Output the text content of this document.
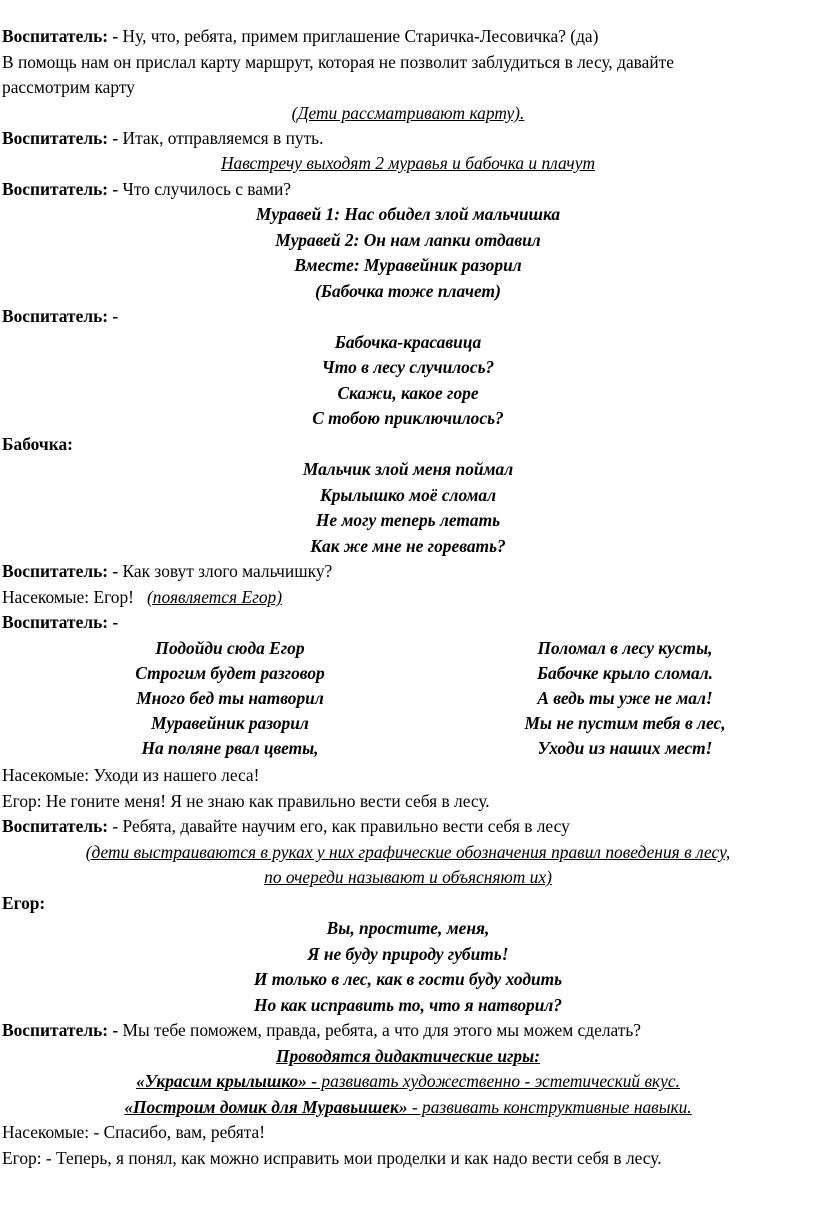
Воспитатель: - Ну, что, ребята, примем приглашение Старичка-Лесовичка? (да)
В помощь нам он прислал карту маршрут, которая не позволит заблудиться в лесу, давайте
рассмотрим карту
(Дети рассматривают карту).
Воспитатель: - Итак, отправляемся в путь.
Навстречу выходят 2 муравья и бабочка и плачут
Воспитатель: - Что случилось с вами?
Муравей 1: Нас обидел злой мальчишка
Муравей 2: Он нам лапки отдавил
Вместе: Муравейник разорил
(Бабочка тоже плачет)
Воспитатель: -
Бабочка-красавица
Что в лесу случилось?
Скажи, какое горе
С тобою приключилось?
Бабочка:
Мальчик злой меня поймал
Крылышко моё сломал
Не могу теперь летать
Как же мне не горевать?
Воспитатель: - Как зовут злого мальчишку?
Насекомые: Егор!   (появляется Егор)
Воспитатель: -
Подойди сюда Егор
Строгим будет разговор
Много бед ты натворил
Муравейник разорил
На поляне рвал цветы,
Поломал в лесу кусты,
Бабочке крыло сломал.
А ведь ты уже не мал!
Мы не пустим тебя в лес,
Уходи из наших мест!
Насекомые: Уходи из нашего леса!
Егор: Не гоните меня! Я не знаю как правильно вести себя в лесу.
Воспитатель: - Ребята, давайте научим его, как правильно вести себя в лесу
(дети выстраиваются в руках у них графические обозначения правил поведения в лесу,
по очереди называют и объясняют их)
Егор:
Вы, простите, меня,
Я не буду природу губить!
И только в лес, как в гости буду ходить
Но как исправить то, что я натворил?
Воспитатель: - Мы тебе поможем, правда, ребята, а что для этого мы можем сделать?
Проводятся дидактические игры:
«Украсим крылышко» - развивать художественно - эстетический вкус.
«Построим домик для Муравьишек» - развивать конструктивные навыки.
Насекомые: - Спасибо, вам, ребята!
Егор: - Теперь, я понял, как можно исправить мои проделки и как надо вести себя в лесу.
